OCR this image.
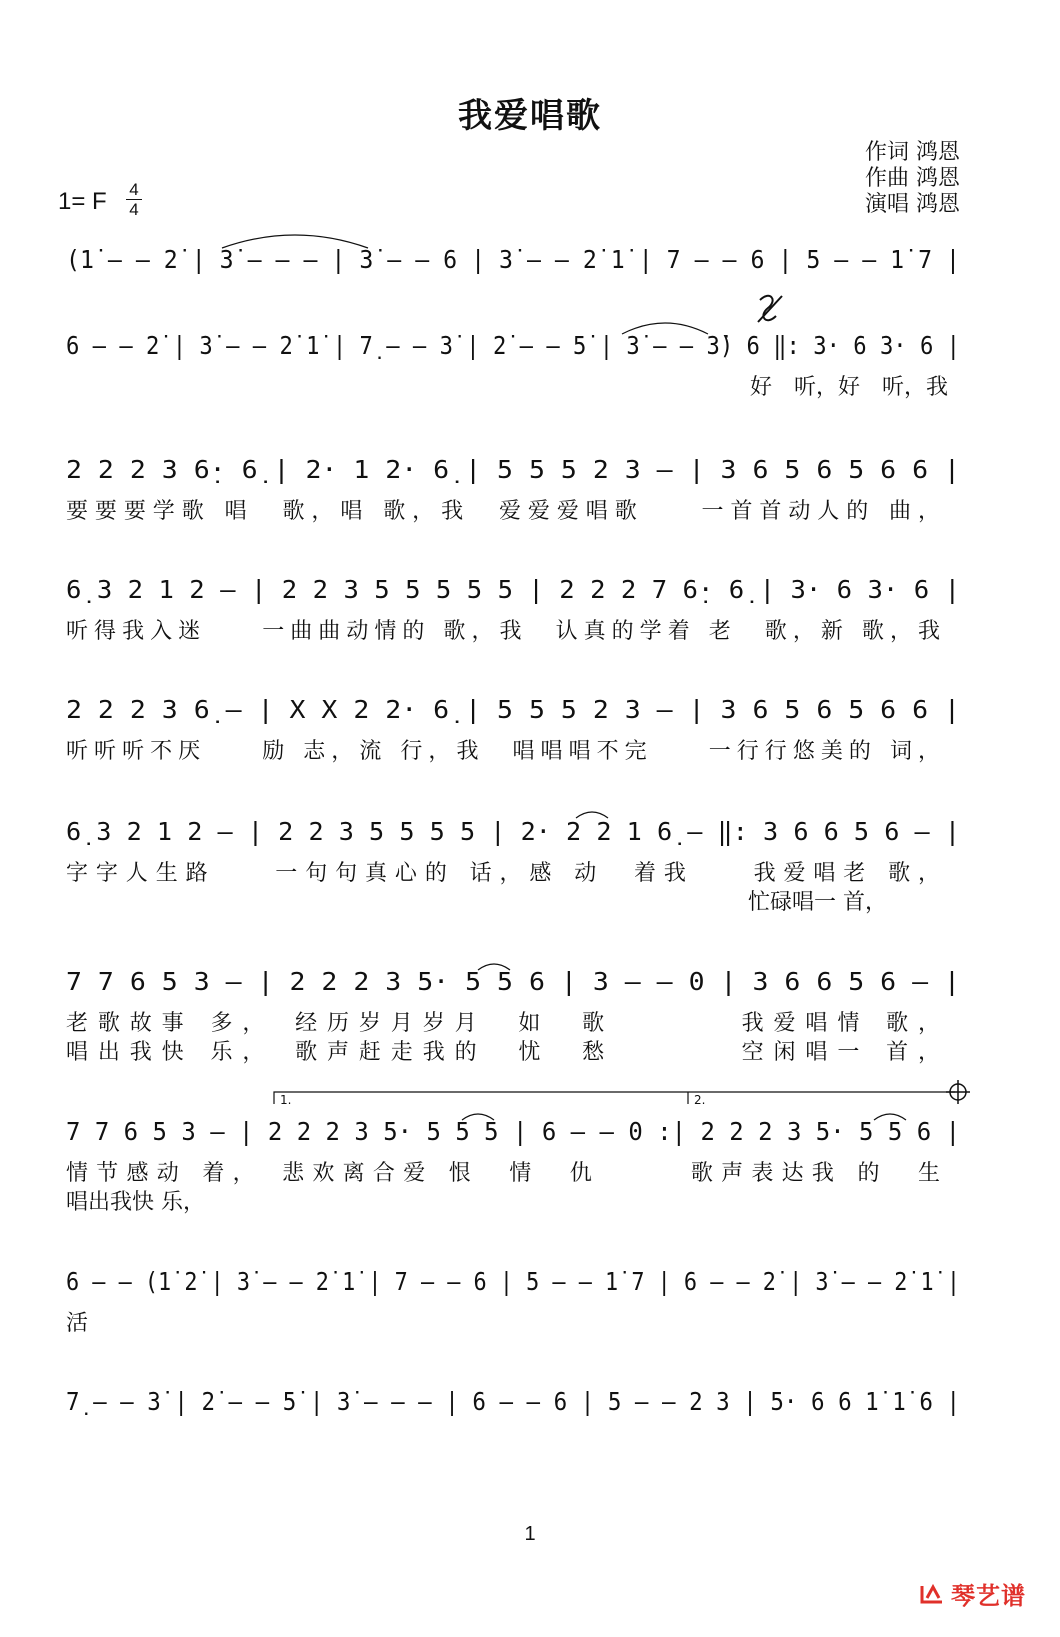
我爱唱歌
作词 鸿恩
作曲 鸿恩
演唱 鸿恩
1= F	4
4
(1̇ – – 2̇ | 3̇ – – – | 3̇ – – 6 | 3̇ – – 2̇ 1̇ | 7 – – 6 | 5 – – 1̇ 7 |
6 – – 2̇ | 3̇ – – 2̇ 1̇ | 7̣ – – 3̇ | 2̇ – – 5̇ | 3̇ – – 3̇) 6 ‖: 3· 6 3· 6 |
好　听，好　听，我
2 2 2 3 6̣· 6̣ | 2· 1 2· 6̣ | 5 5 5 2 3 – | 3 6 5 6 5 6 6 |
要要要学歌 唱　歌，唱 歌，我　爱爱爱唱歌　　一首首动人的 曲，
6̣ 3 2 1 2 – | 2 2 3 5 5 5 5 5 | 2 2 2 7 6̣· 6̣ | 3· 6 3· 6 |
听得我入迷　　一曲曲动情的 歌，我　认真的学着 老　歌，新 歌，我
2 2 2 3 6̣ – | X X 2 2· 6̣ | 5 5 5 2 3 – | 3 6 5 6 5 6 6 |
听听听不厌　　励 志，流 行，我　唱唱唱不完　　一行行悠美的 词，
6̣ 3 2 1 2 – | 2 2 3 5 5 5 5 | 2· 2 2 1 6̣ – ‖: 3 6 6 5 6 – |
字字人生路　　一句句真心的 话，感 动　着我　　我爱唱老 歌，
忙碌唱一 首，
7 7 6 5 3 – | 2 2 2 3 5· 5 5 6 | 3 – – 0 | 3 6 6 5 6 – |
老歌故事 多，　经历岁月岁月　如　歌　　　　我爱唱情 歌，
唱出我快 乐，　歌声赶走我的　忧　愁　　　　空闲唱一 首，
7 7 6 5 3 – | 2 2 2 3 5· 5 5 5 | 6 – – 0 :| 2 2 2 3 5· 5 5 6 |
情节感动 着，　悲欢离合爱 恨　情　仇　　　歌声表达我 的　生
唱出我快 乐，
1.	2.
6 – – (1̇ 2̇ | 3̇ – – 2̇ 1̇ | 7 – – 6 | 5 – – 1̇ 7 | 6 – – 2̇ | 3̇ – – 2̇ 1̇ |
活
7̣ – – 3̇ | 2̇ – – 5̇ | 3̇ – – – | 6 – – 6 | 5 – – 2 3 | 5· 6 6 1̇ 1̇ 6 |
1
琴艺谱
